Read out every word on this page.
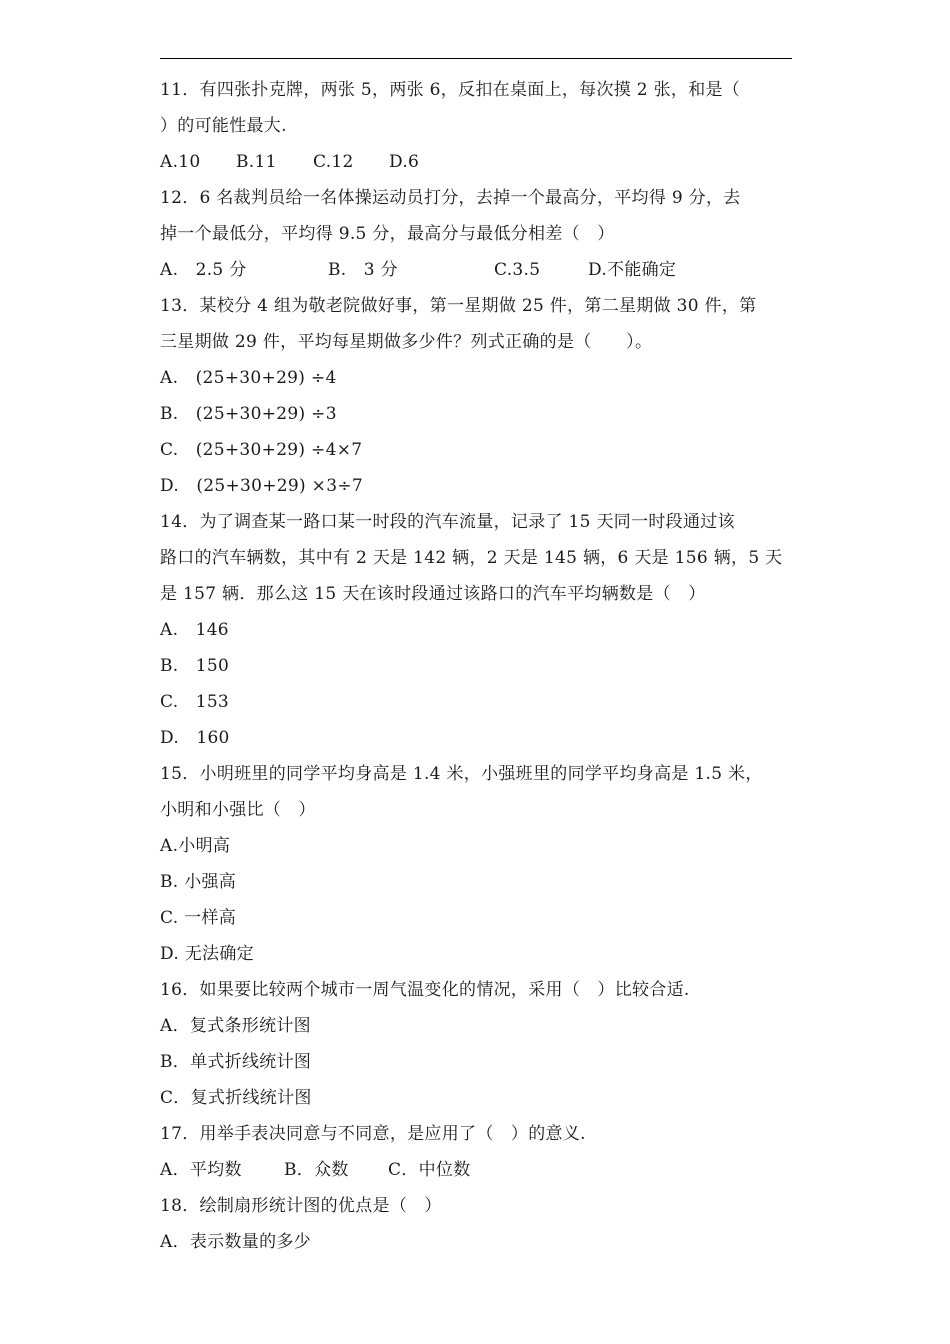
11．有四张扑克牌，两张 5，两张 6，反扣在桌面上，每次摸 2 张，和是（
）的可能性最大.
A.10	B.11	C.12	D.6
12．6 名裁判员给一名体操运动员打分，去掉一个最高分，平均得 9 分，去
掉一个最低分，平均得 9.5 分，最高分与最低分相差（　）
A.　2.5 分	B.　3 分	C.3.5	D.不能确定
13．某校分 4 组为敬老院做好事，第一星期做 25 件，第二星期做 30 件，第
三星期做 29 件，平均每星期做多少件？列式正确的是（　　）。
A.　(25+30+29) ÷4
B.　(25+30+29) ÷3
C.　(25+30+29) ÷4×7
D.　(25+30+29) ×3÷7
14．为了调查某一路口某一时段的汽车流量，记录了 15 天同一时段通过该
路口的汽车辆数，其中有 2 天是 142 辆，2 天是 145 辆，6 天是 156 辆，5 天
是 157 辆．那么这 15 天在该时段通过该路口的汽车平均辆数是（　）
A.　146
B.　150
C.　153
D.　160
15．小明班里的同学平均身高是 1.4 米，小强班里的同学平均身高是 1.5 米，
小明和小强比（　）
A.小明高
B. 小强高
C. 一样高
D. 无法确定
16．如果要比较两个城市一周气温变化的情况，采用（　）比较合适.
A．复式条形统计图
B．单式折线统计图
C．复式折线统计图
17．用举手表决同意与不同意，是应用了（　）的意义.
A．平均数	B．众数	C．中位数
18．绘制扇形统计图的优点是（　）
A．表示数量的多少
